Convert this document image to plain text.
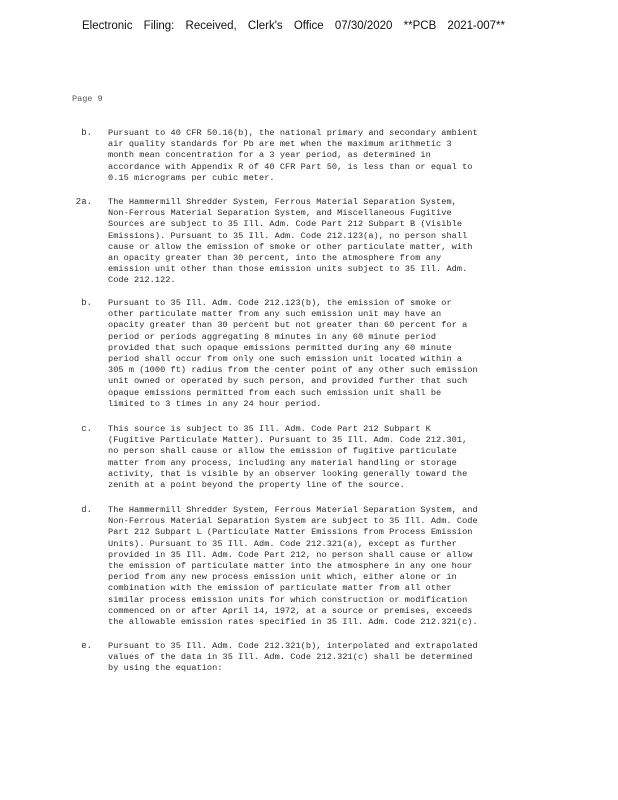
Electronic Filing: Received, Clerk's Office 07/30/2020 **PCB 2021-007**
Page 9
b. Pursuant to 40 CFR 50.16(b), the national primary and secondary ambient
air quality standards for Pb are met when the maximum arithmetic 3
month mean concentration for a 3 year period, as determined in
accordance with Appendix R of 40 CFR Part 50, is less than or equal to
0.15 micrograms per cubic meter.
2a. The Hammermill Shredder System, Ferrous Material Separation System,
Non-Ferrous Material Separation System, and Miscellaneous Fugitive
Sources are subject to 35 Ill. Adm. Code Part 212 Subpart B (Visible
Emissions). Pursuant to 35 Ill. Adm. Code 212.123(a), no person shall
cause or allow the emission of smoke or other particulate matter, with
an opacity greater than 30 percent, into the atmosphere from any
emission unit other than those emission units subject to 35 Ill. Adm.
Code 212.122.
b. Pursuant to 35 Ill. Adm. Code 212.123(b), the emission of smoke or
other particulate matter from any such emission unit may have an
opacity greater than 30 percent but not greater than 60 percent for a
period or periods aggregating 8 minutes in any 60 minute period
provided that such opaque emissions permitted during any 60 minute
period shall occur from only one such emission unit located within a
305 m (1000 ft) radius from the center point of any other such emission
unit owned or operated by such person, and provided further that such
opaque emissions permitted from each such emission unit shall be
limited to 3 times in any 24 hour period.
c. This source is subject to 35 Ill. Adm. Code Part 212 Subpart K
(Fugitive Particulate Matter). Pursuant to 35 Ill. Adm. Code 212.301,
no person shall cause or allow the emission of fugitive particulate
matter from any process, including any material handling or storage
activity, that is visible by an observer looking generally toward the
zenith at a point beyond the property line of the source.
d. The Hammermill Shredder System, Ferrous Material Separation System, and
Non-Ferrous Material Separation System are subject to 35 Ill. Adm. Code
Part 212 Subpart L (Particulate Matter Emissions from Process Emission
Units). Pursuant to 35 Ill. Adm. Code 212.321(a), except as further
provided in 35 Ill. Adm. Code Part 212, no person shall cause or allow
the emission of particulate matter into the atmosphere in any one hour
period from any new process emission unit which, either alone or in
combination with the emission of particulate matter from all other
similar process emission units for which construction or modification
commenced on or after April 14, 1972, at a source or premises, exceeds
the allowable emission rates specified in 35 Ill. Adm. Code 212.321(c).
e. Pursuant to 35 Ill. Adm. Code 212.321(b), interpolated and extrapolated
values of the data in 35 Ill. Adm. Code 212.321(c) shall be determined
by using the equation:
